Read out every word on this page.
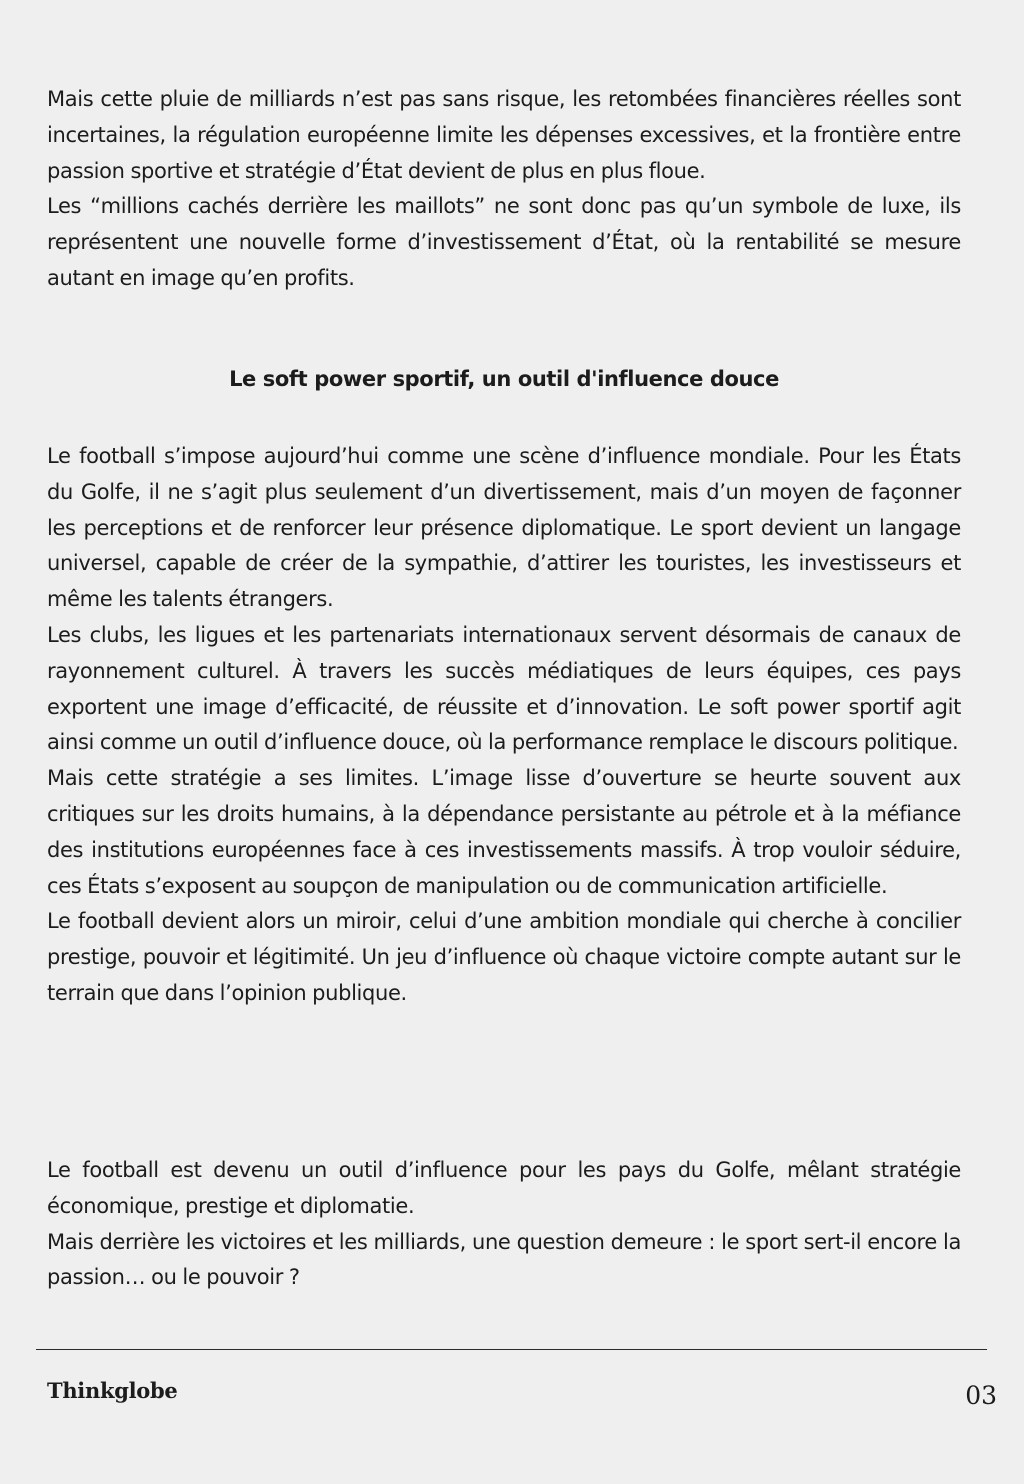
Mais cette pluie de milliards n’est pas sans risque, les retombées financières réelles sont incertaines, la régulation européenne limite les dépenses excessives, et la frontière entre passion sportive et stratégie d’État devient de plus en plus floue.

Les “millions cachés derrière les maillots” ne sont donc pas qu’un symbole de luxe, ils représentent une nouvelle forme d’investissement d’État, où la rentabilité se mesure autant en image qu’en profits.

Le soft power sportif, un outil d'influence douce

Le football s’impose aujourd’hui comme une scène d’influence mondiale. Pour les États du Golfe, il ne s’agit plus seulement d’un divertissement, mais d’un moyen de façonner les perceptions et de renforcer leur présence diplomatique. Le sport devient un langage universel, capable de créer de la sympathie, d’attirer les touristes, les investisseurs et même les talents étrangers.

Les clubs, les ligues et les partenariats internationaux servent désormais de canaux de rayonnement culturel. À travers les succès médiatiques de leurs équipes, ces pays exportent une image d’efficacité, de réussite et d’innovation. Le soft power sportif agit ainsi comme un outil d’influence douce, où la performance remplace le discours politique.

Mais cette stratégie a ses limites. L’image lisse d’ouverture se heurte souvent aux critiques sur les droits humains, à la dépendance persistante au pétrole et à la méfiance des institutions européennes face à ces investissements massifs. À trop vouloir séduire, ces États s’exposent au soupçon de manipulation ou de communication artificielle.

Le football devient alors un miroir, celui d’une ambition mondiale qui cherche à concilier prestige, pouvoir et légitimité. Un jeu d’influence où chaque victoire compte autant sur le terrain que dans l’opinion publique.

Le football est devenu un outil d’influence pour les pays du Golfe, mêlant stratégie économique, prestige et diplomatie.

Mais derrière les victoires et les milliards, une question demeure : le sport sert-il encore la passion… ou le pouvoir ?

Thinkglobe	03
